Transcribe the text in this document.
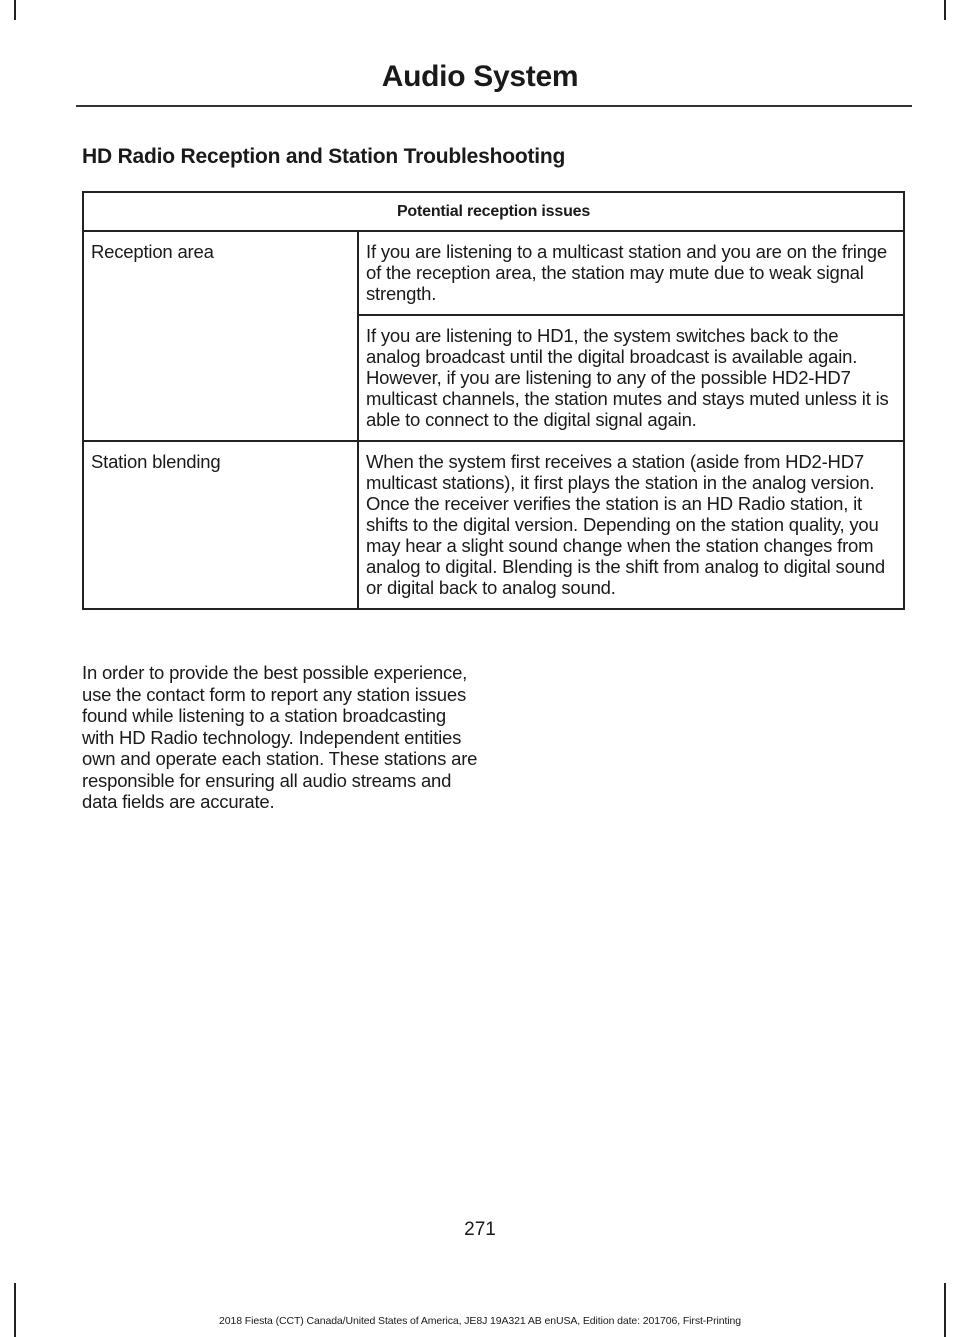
Audio System
HD Radio Reception and Station Troubleshooting
Potential reception issues	
Reception area	If you are listening to a multicast station and you are on the fringe of the reception area, the station may mute due to weak signal strength.
	If you are listening to HD1, the system switches back to the analog broadcast until the digital broadcast is available again. However, if you are listening to any of the possible HD2-HD7 multicast channels, the station mutes and stays muted unless it is able to connect to the digital signal again.
Station blending	When the system first receives a station (aside from HD2-HD7 multicast stations), it first plays the station in the analog version. Once the receiver verifies the station is an HD Radio station, it shifts to the digital version. Depending on the station quality, you may hear a slight sound change when the station changes from analog to digital. Blending is the shift from analog to digital sound or digital back to analog sound.
In order to provide the best possible experience, use the contact form to report any station issues found while listening to a station broadcasting with HD Radio technology. Independent entities own and operate each station. These stations are responsible for ensuring all audio streams and data fields are accurate.
271
2018 Fiesta (CCT) Canada/United States of America, JE8J 19A321 AB enUSA, Edition date: 201706, First-Printing
